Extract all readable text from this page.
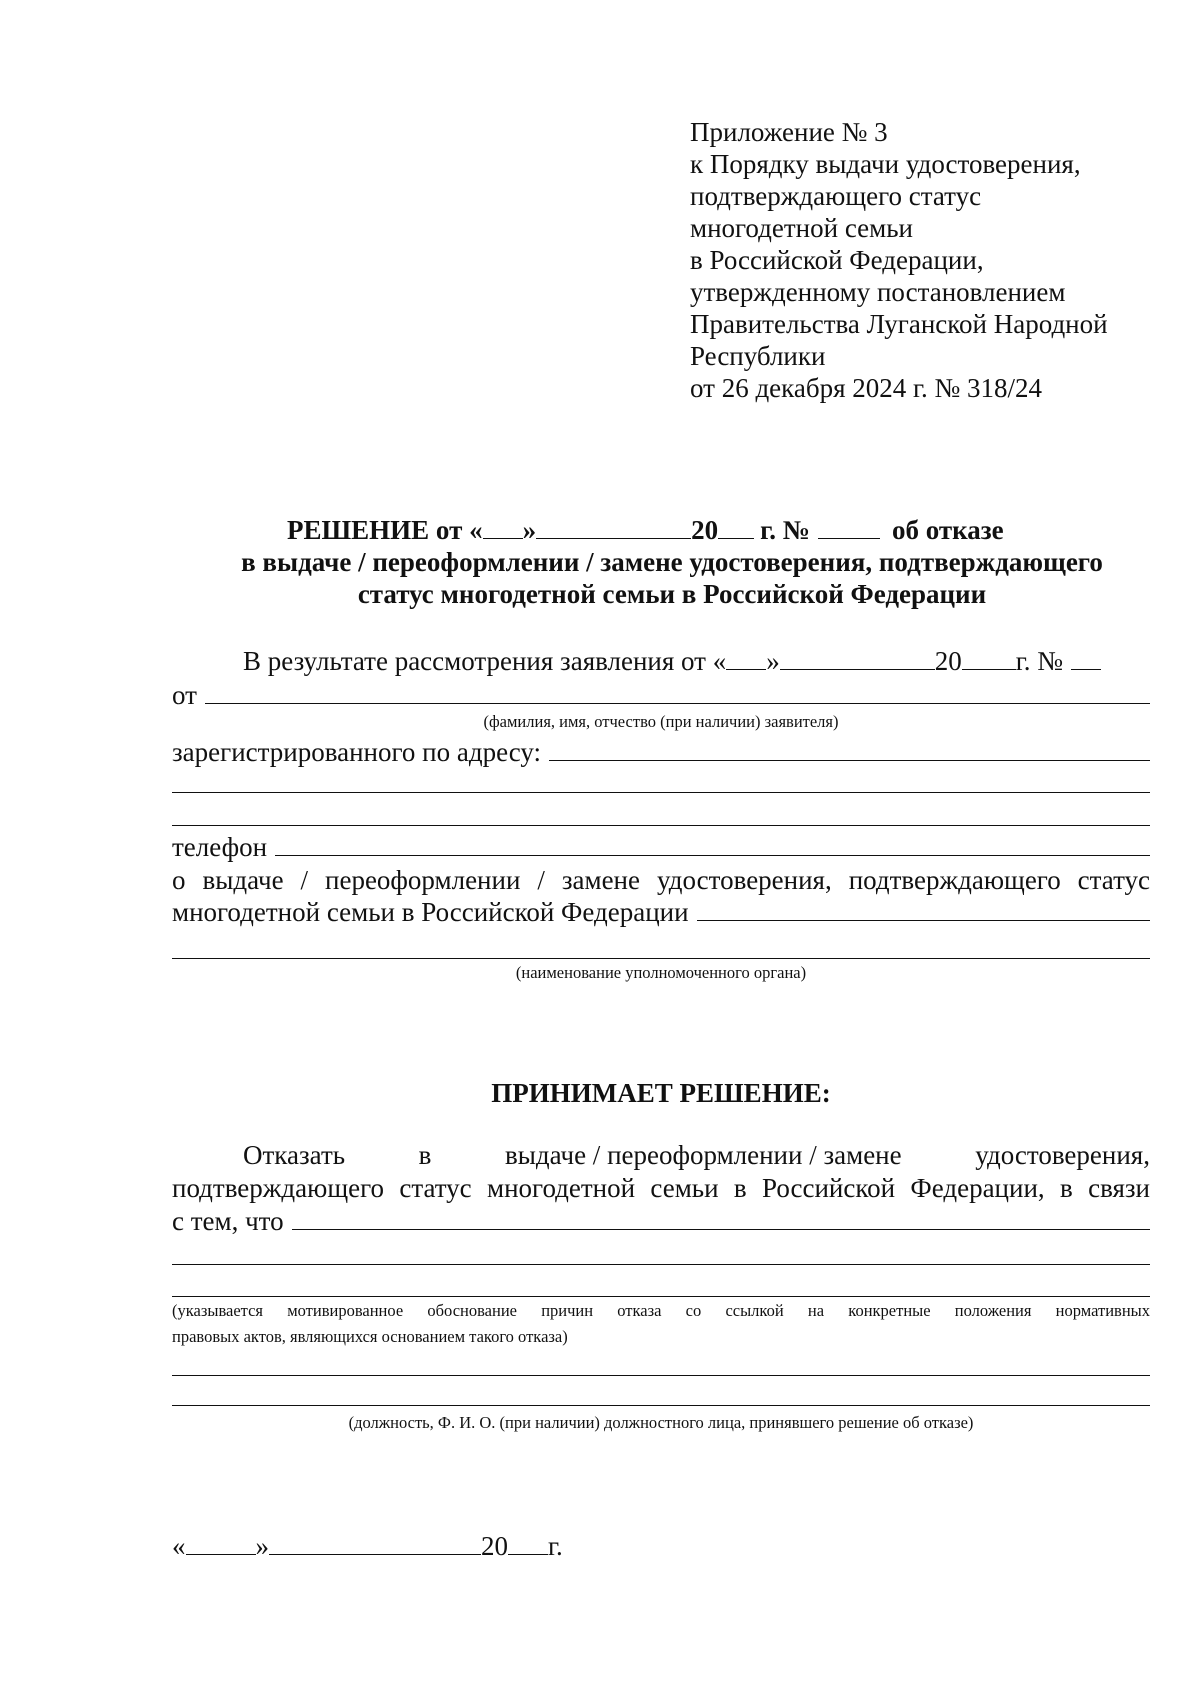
Приложение № 3
к Порядку выдачи удостоверения,
подтверждающего статус
многодетной семьи
в Российской Федерации,
утвержденному постановлением
Правительства Луганской Народной
Республики
от 26 декабря 2024 г. № 318/24
РЕШЕНИЕ от « »	20 г. №	об отказе
в выдаче / переоформлении / замене удостоверения, подтверждающего
статус многодетной семьи в Российской Федерации
В результате рассмотрения заявления от « »	20 г. №
от
(фамилия, имя, отчество (при наличии) заявителя)
зарегистрированного по адресу:
телефон
о выдаче / переоформлении / замене удостоверения, подтверждающего статус
многодетной семьи в Российской Федерации
(наименование уполномоченного органа)
ПРИНИМАЕТ РЕШЕНИЕ:
Отказать	в	выдаче / переоформлении / замене	удостоверения,
подтверждающего статус многодетной семьи в Российской Федерации, в связи
с тем, что
(указывается мотивированное обоснование причин отказа со ссылкой на конкретные положения нормативных
правовых актов, являющихся основанием такого отказа)
(должность, Ф. И. О. (при наличии) должностного лица, принявшего решение об отказе)
«	»	20 г.
